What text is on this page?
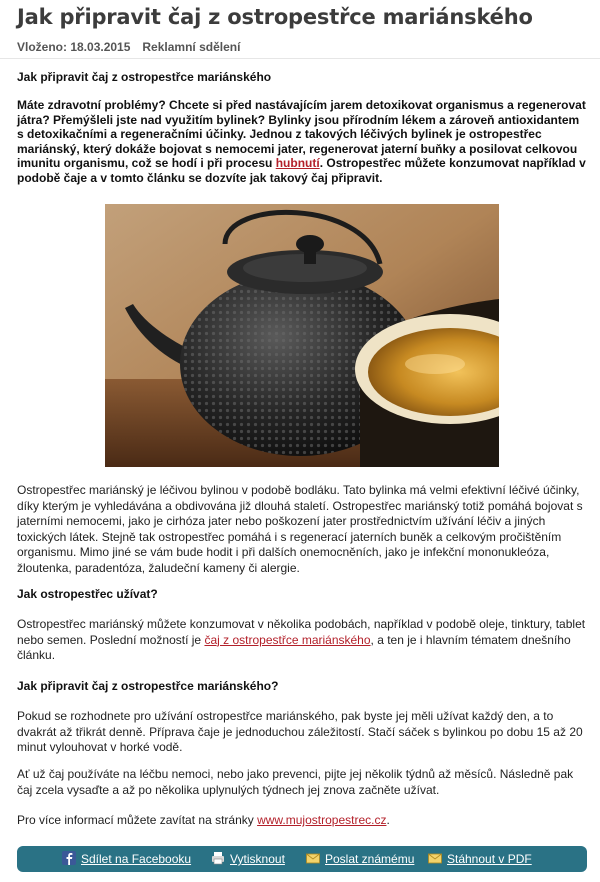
Jak připravit čaj z ostropestřce mariánského
Vloženo: 18.03.2015 Reklamní sdělení
Jak připravit čaj z ostropestřce mariánského

Máte zdravotní problémy? Chcete si před nastávajícím jarem detoxikovat organismus a regenerovat játra? Přemýšleli jste nad využitím bylinek? Bylinky jsou přírodním lékem a zároveň antioxidantem s detoxikačními a regeneračními účinky. Jednou z takových léčivých bylinek je ostropestřec mariánský, který dokáže bojovat s nemocemi jater, regenerovat jaterní buňky a posilovat celkovou imunitu organismu, což se hodí i při procesu hubnutí. Ostropestřec můžete konzumovat například v podobě čaje a v tomto článku se dozvíte jak takový čaj připravit.

Ostropestřec mariánský je léčivou bylinou v podobě bodláku. Tato bylinka má velmi efektivní léčivé účinky, díky kterým je vyhledávána a obdivována již dlouhá staletí. Ostropestřec mariánský totiž pomáhá bojovat s jaterními nemocemi, jako je cirhóza jater nebo poškození jater prostřednictvím užívání léčiv a jiných toxických látek. Stejně tak ostropestřec pomáhá i s regenerací jaterních buněk a celkovým pročištěním organismu. Mimo jiné se vám bude hodit i při dalších onemocněních, jako je infekční mononukleóza, žloutenka, paradentóza, žaludeční kameny či alergie.

Jak ostropestřec užívat?

Ostropestřec mariánský můžete konzumovat v několika podobách, například v podobě oleje, tinktury, tablet nebo semen. Poslední možností je čaj z ostropestřce mariánského, a ten je i hlavním tématem dnešního článku.

Jak připravit čaj z ostropestřce mariánského?

Pokud se rozhodnete pro užívání ostropestřce mariánského, pak byste jej měli užívat každý den, a to dvakrát až třikrát denně. Příprava čaje je jednoduchou záležitostí. Stačí sáček s bylinkou po dobu 15 až 20 minut vylouhovat v horké vodě.

Ať už čaj používáte na léčbu nemoci, nebo jako prevenci, pijte jej několik týdnů až měsíců. Následně pak čaj zcela vysaďte a až po několika uplynulých týdnech jej znova začněte užívat.

Pro více informací můžete zavítat na stránky www.mujostropestrec.cz.

Sdílet na Facebooku	Vytisknout	Poslat známému	Stáhnout v PDF
